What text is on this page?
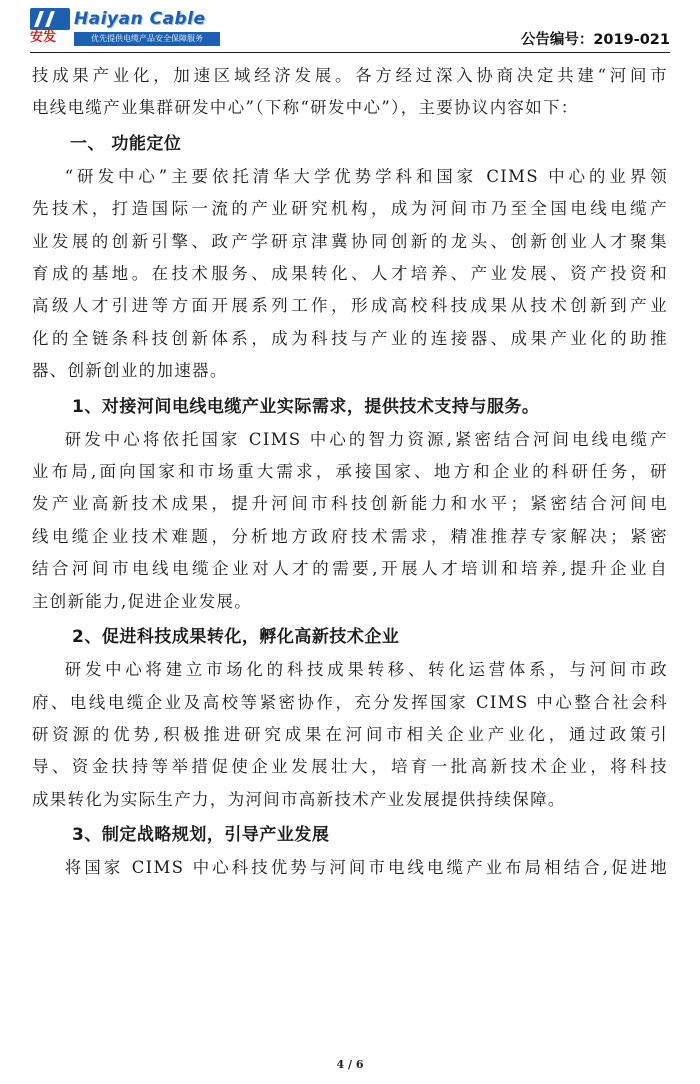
安发
Haiyan Cable
优先提供电缆产品安全保障服务	公告编号：2019-021

技成果产业化，加速区域经济发展。各方经过深入协商决定共建“河间市

电线电缆产业集群研发中心”（下称“研发中心”），主要协议内容如下：

一、 功能定位

“研发中心”主要依托清华大学优势学科和国家 CIMS 中心的业界领

先技术，打造国际一流的产业研究机构，成为河间市乃至全国电线电缆产

业发展的创新引擎、政产学研京津冀协同创新的龙头、创新创业人才聚集

育成的基地。在技术服务、成果转化、人才培养、产业发展、资产投资和

高级人才引进等方面开展系列工作，形成高校科技成果从技术创新到产业

化的全链条科技创新体系，成为科技与产业的连接器、成果产业化的助推

器、创新创业的加速器。

1、对接河间电线电缆产业实际需求，提供技术支持与服务。

研发中心将依托国家 CIMS 中心的智力资源,紧密结合河间电线电缆产

业布局,面向国家和市场重大需求，承接国家、地方和企业的科研任务，研

发产业高新技术成果，提升河间市科技创新能力和水平；紧密结合河间电

线电缆企业技术难题，分析地方政府技术需求，精准推荐专家解决；紧密

结合河间市电线电缆企业对人才的需要,开展人才培训和培养,提升企业自

主创新能力,促进企业发展。

2、促进科技成果转化，孵化高新技术企业

研发中心将建立市场化的科技成果转移、转化运营体系，与河间市政

府、电线电缆企业及高校等紧密协作，充分发挥国家 CIMS 中心整合社会科

研资源的优势,积极推进研究成果在河间市相关企业产业化，通过政策引

导、资金扶持等举措促使企业发展壮大，培育一批高新技术企业，将科技

成果转化为实际生产力，为河间市高新技术产业发展提供持续保障。

3、制定战略规划，引导产业发展

将国家 CIMS 中心科技优势与河间市电线电缆产业布局相结合,促进地

4 / 6
